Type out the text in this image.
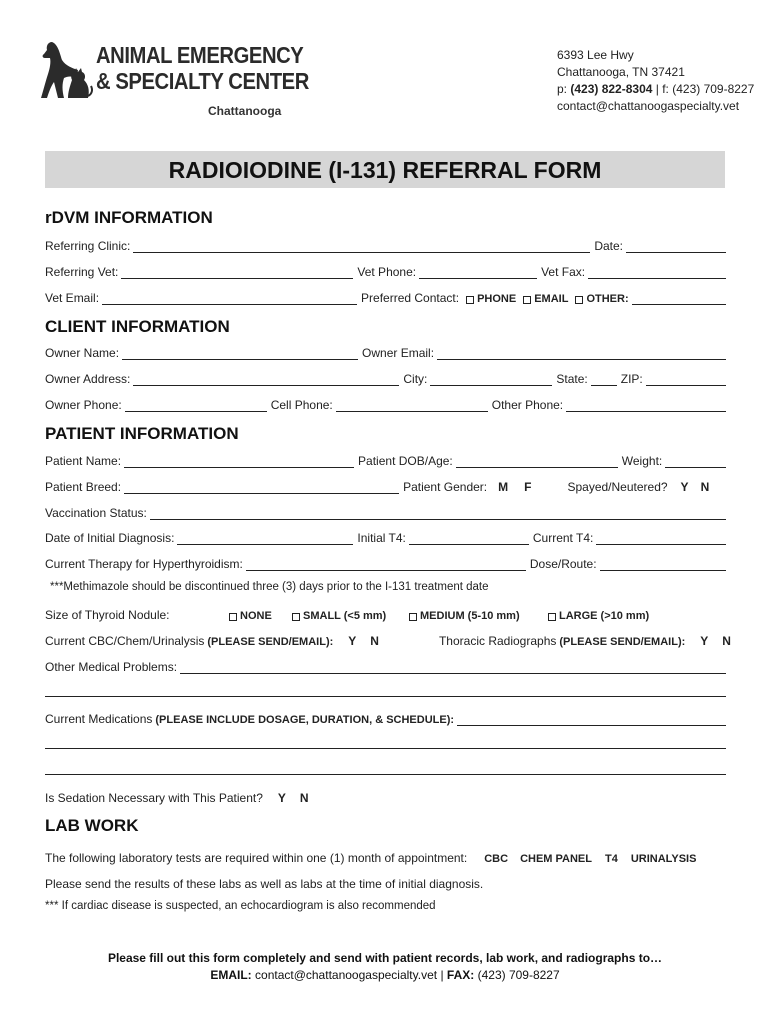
ANIMAL EMERGENCY
& SPECIALTY CENTER
Chattanooga
6393 Lee Hwy
Chattanooga, TN 37421
p: (423) 822-8304 | f: (423) 709-8227
contact@chattanoogaspecialty.vet
RADIOIODINE (I-131) REFERRAL FORM
rDVM INFORMATION
Referring Clinic:	Date:
Referring Vet:	Vet Phone:	Vet Fax:
Vet Email:	Preferred Contact: PHONE EMAIL OTHER:
CLIENT INFORMATION
Owner Name:	Owner Email:
Owner Address:	City:	State:	ZIP:
Owner Phone:	Cell Phone:	Other Phone:
PATIENT INFORMATION
Patient Name:	Patient DOB/Age:	Weight:
Patient Breed:	Patient Gender: M F	Spayed/Neutered? Y N
Vaccination Status:
Date of Initial Diagnosis:	Initial T4:	Current T4:
Current Therapy for Hyperthyroidism:	Dose/Route:
***Methimazole should be discontinued three (3) days prior to the I-131 treatment date
Size of Thyroid Nodule:	NONE	SMALL (<5 mm)	MEDIUM (5-10 mm)	LARGE (>10 mm)
Current CBC/Chem/Urinalysis (PLEASE SEND/EMAIL): Y N	Thoracic Radiographs (PLEASE SEND/EMAIL): Y N
Other Medical Problems:
Current Medications (PLEASE INCLUDE DOSAGE, DURATION, & SCHEDULE):
Is Sedation Necessary with This Patient? Y N
LAB WORK
The following laboratory tests are required within one (1) month of appointment: CBC CHEM PANEL T4 URINALYSIS
Please send the results of these labs as well as labs at the time of initial diagnosis.
*** If cardiac disease is suspected, an echocardiogram is also recommended
Please fill out this form completely and send with patient records, lab work, and radiographs to…
EMAIL: contact@chattanoogaspecialty.vet | FAX: (423) 709-8227
